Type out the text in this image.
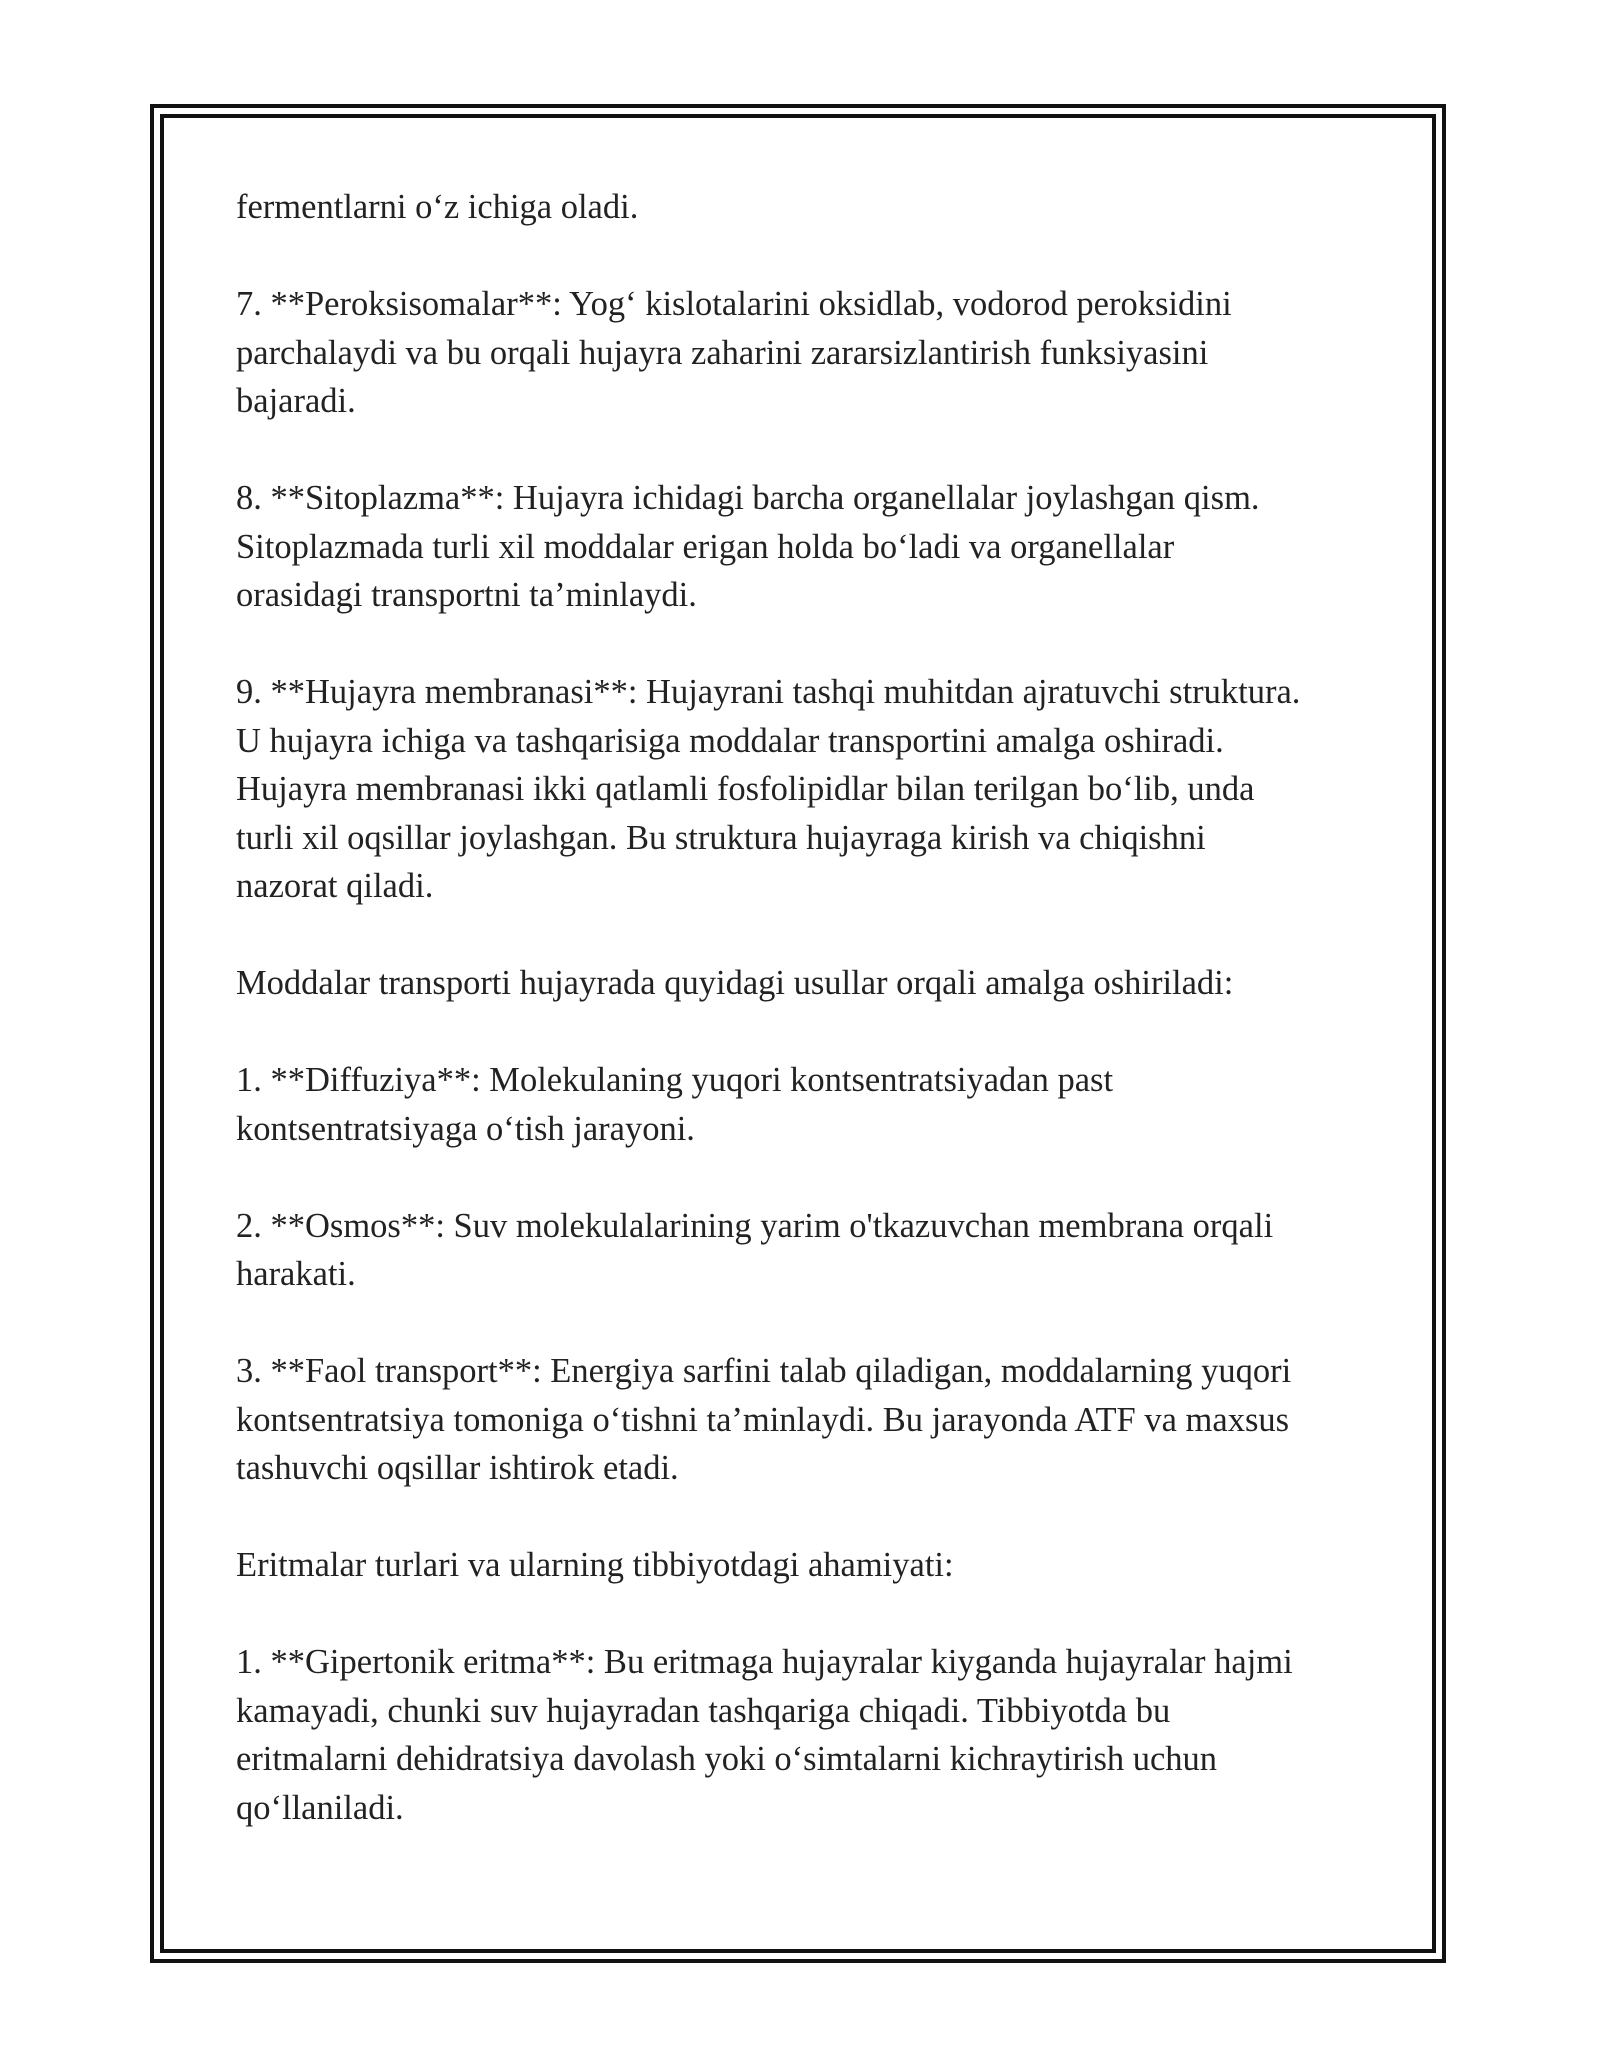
fermentlarni o‘z ichiga oladi.

7. **Peroksisomalar**: Yog‘ kislotalarini oksidlab, vodorod peroksidini
parchalaydi va bu orqali hujayra zaharini zararsizlantirish funksiyasini
bajaradi.

8. **Sitoplazma**: Hujayra ichidagi barcha organellalar joylashgan qism.
Sitoplazmada turli xil moddalar erigan holda bo‘ladi va organellalar
orasidagi transportni ta’minlaydi.

9. **Hujayra membranasi**: Hujayrani tashqi muhitdan ajratuvchi struktura.
U hujayra ichiga va tashqarisiga moddalar transportini amalga oshiradi.
Hujayra membranasi ikki qatlamli fosfolipidlar bilan terilgan bo‘lib, unda
turli xil oqsillar joylashgan. Bu struktura hujayraga kirish va chiqishni
nazorat qiladi.

Moddalar transporti hujayrada quyidagi usullar orqali amalga oshiriladi:

1. **Diffuziya**: Molekulaning yuqori kontsentratsiyadan past
kontsentratsiyaga o‘tish jarayoni.

2. **Osmos**: Suv molekulalarining yarim o'tkazuvchan membrana orqali
harakati.

3. **Faol transport**: Energiya sarfini talab qiladigan, moddalarning yuqori
kontsentratsiya tomoniga o‘tishni ta’minlaydi. Bu jarayonda ATF va maxsus
tashuvchi oqsillar ishtirok etadi.

Eritmalar turlari va ularning tibbiyotdagi ahamiyati:

1. **Gipertonik eritma**: Bu eritmaga hujayralar kiyganda hujayralar hajmi
kamayadi, chunki suv hujayradan tashqariga chiqadi. Tibbiyotda bu
eritmalarni dehidratsiya davolash yoki o‘simtalarni kichraytirish uchun
qo‘llaniladi.
